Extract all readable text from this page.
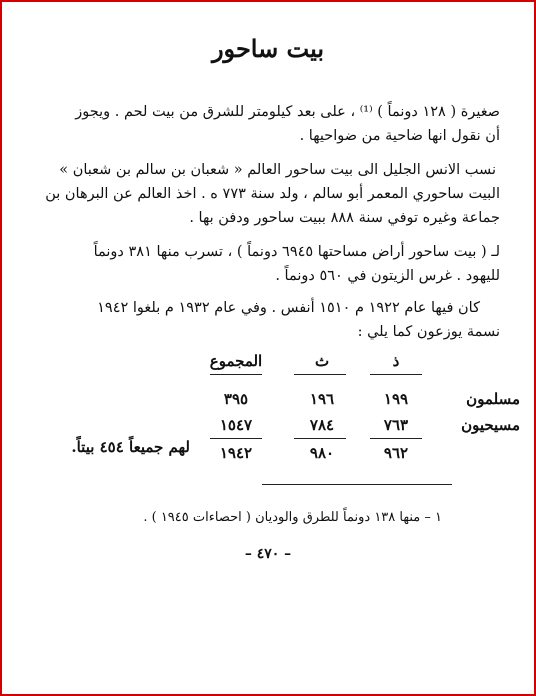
بيت ساحور
صغيرة ( ١٢٨ دونماً ) ⁽¹⁾ ، على بعد كيلومتر للشرق من بيت لحم . ويجوز
أن نقول انها ضاحية من ضواحيها .
نسب الانس الجليل الى بيت ساحور العالم « شعبان بن سالم بن شعبان »
البيت ساحوري المعمر أبو سالم ، ولد سنة ٧٧٣ ه . اخذ العالم عن البرهان بن
جماعة وغيره توفي سنة ٨٨٨ ببيت ساحور ودفن بها .
لـ ( بيت ساحور أراض مساحتها ٦٩٤٥ دونماً ) ، تسرب منها ٣٨١ دونماً
لليهود . غرس الزيتون في ٥٦٠ دونماً .
كان فيها عام ١٩٢٢ م ١٥١٠ أنفس . وفي عام ١٩٣٢ م بلغوا ١٩٤٢
نسمة يوزعون كما يلي :
ذ
ث
المجموع
مسلمون
١٩٩
١٩٦
٣٩٥
مسيحيون
٧٦٣
٧٨٤
١٥٤٧
٩٦٢
٩٨٠
١٩٤٢
لهم جميعاً ٤٥٤ بيتاً.
١ – منها ١٣٨ دونماً للطرق والوديان ( احصاءات ١٩٤٥ ) .
– ٤٧٠ –
